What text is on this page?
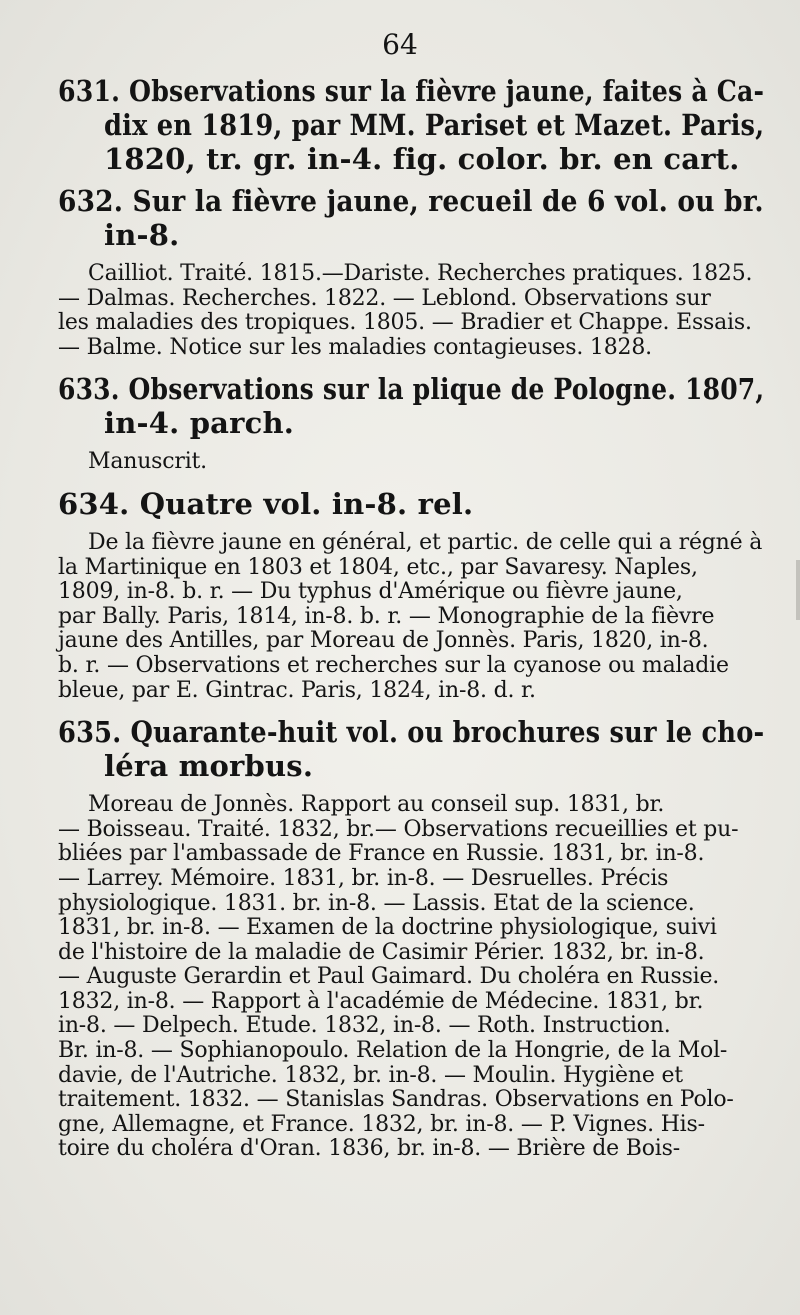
64
631. Observations sur la fièvre jaune, faites à Ca-
dix en 1819, par MM. Pariset et Mazet. Paris,
1820, tr. gr. in-4. fig. color. br. en cart.
632. Sur la fièvre jaune, recueil de 6 vol. ou br.
in-8.
Cailliot. Traité. 1815.—Dariste. Recherches pratiques. 1825.
— Dalmas. Recherches. 1822. — Leblond. Observations sur
les maladies des tropiques. 1805. — Bradier et Chappe. Essais.
— Balme. Notice sur les maladies contagieuses. 1828.
633. Observations sur la plique de Pologne. 1807,
in-4. parch.
Manuscrit.
634. Quatre vol. in-8. rel.
De la fièvre jaune en général, et partic. de celle qui a régné à
la Martinique en 1803 et 1804, etc., par Savaresy. Naples,
1809, in-8. b. r. — Du typhus d'Amérique ou fièvre jaune,
par Bally. Paris, 1814, in-8. b. r. — Monographie de la fièvre
jaune des Antilles, par Moreau de Jonnès. Paris, 1820, in-8.
b. r. — Observations et recherches sur la cyanose ou maladie
bleue, par E. Gintrac. Paris, 1824, in-8. d. r.
635. Quarante-huit vol. ou brochures sur le cho-
léra morbus.
Moreau de Jonnès. Rapport au conseil sup. 1831, br.
— Boisseau. Traité. 1832, br.— Observations recueillies et pu-
bliées par l'ambassade de France en Russie. 1831, br. in-8.
— Larrey. Mémoire. 1831, br. in-8. — Desruelles. Précis
physiologique. 1831. br. in-8. — Lassis. Etat de la science.
1831, br. in-8. — Examen de la doctrine physiologique, suivi
de l'histoire de la maladie de Casimir Périer. 1832, br. in-8.
— Auguste Gerardin et Paul Gaimard. Du choléra en Russie.
1832, in-8. — Rapport à l'académie de Médecine. 1831, br.
in-8. — Delpech. Etude. 1832, in-8. — Roth. Instruction.
Br. in-8. — Sophianopoulo. Relation de la Hongrie, de la Mol-
davie, de l'Autriche. 1832, br. in-8. — Moulin. Hygiène et
traitement. 1832. — Stanislas Sandras. Observations en Polo-
gne, Allemagne, et France. 1832, br. in-8. — P. Vignes. His-
toire du choléra d'Oran. 1836, br. in-8. — Brière de Bois-
